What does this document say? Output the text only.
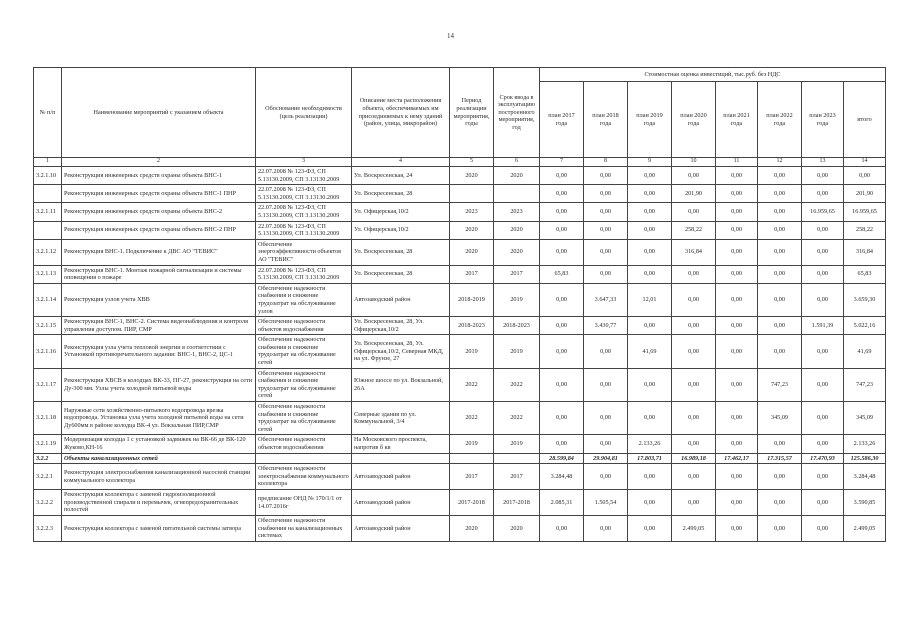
14
№ п/п	Наименование мероприятий с указанием объекта	Обоснование необходимости (цель реализации)	Описание места расположения объекта, обеспечиваемых им присоединяемых к нему зданий (район, улица, микрорайон)	Период реализации мероприятия, годы	Срок ввода в эксплуатацию построенного мероприятия, год	Стоимостная оценка инвестиций, тыс.руб. без НДС							
						план 2017 года	план 2018 года	план 2019 года	план 2020 года	план 2021 года	план 2022 года	план 2023 года	итого
1	2	3	4	5	6	7	8	9	10	11	12	13	14
3.2.1.10	Реконструкция инженерных средств охраны объекта ВНС-1	22.07.2008 № 123-ФЗ, СП 5.13130.2009, СП 3.13130.2009	Ул. Воскресенская, 24	2020	2020	0,00	0,00	0,00	0,00	0,00	0,00	0,00	0,00
	Реконструкция инженерных средств охраны объекта ВНС-1 ПНР	22.07.2008 № 123-ФЗ, СП 5.13130.2009, СП 3.13130.2009	Ул. Воскресенская, 28			0,00	0,00	0,00	201,90	0,00	0,00	0,00	201,90
3.2.1.11	Реконструкция инженерных средств охраны объекта ВНС-2	22.07.2008 № 123-ФЗ, СП 5.13130.2009, СП 3.13130.2009	Ул. Офицерская,10/2	2023	2023	0,00	0,00	0,00	0,00	0,00	0,00	16.959,65	16.959,65
	Реконструкция инженерных средств охраны объекта ВНС-2 ПНР	22.07.2008 № 123-ФЗ, СП 5.13130.2009, СП 3.13130.2009	Ул. Офицерская,10/2	2020	2020	0,00	0,00	0,00	258,22	0,00	0,00	0,00	258,22
3.2.1.12	Реконструкция ВНС-1. Подключение к ДВС АО "ТЕВИС"	Обеспечение энергоэффективности объектов АО "ТЕВИС"	Ул. Воскресенская, 28	2020	2020	0,00	0,00	0,00	316,84	0,00	0,00	0,00	316,84
3.2.1.13	Реконструкция ВНС-1. Монтаж пожарной сигнализации и системы оповещения о пожаре	22.07.2008 № 123-ФЗ, СП 5.13130.2009, СП 3.13130.2009	Ул. Воскресенская, 28	2017	2017	65,83	0,00	0,00	0,00	0,00	0,00	0,00	65,83
3.2.1.14	Реконструкция узлов учета ХВВ	Обеспечение надежности снабжения и снижение трудозатрат на обслуживание узлов	Автозаводский район	2018-2019	2019	0,00	3.647,33	12,01	0,00	0,00	0,00	0,00	3.659,30
3.2.1.15	Реконструкция ВНС-1, ВНС-2. Система видеонаблюдения и контроля управления доступом. ПИР, СМР	Обеспечение надежности объектов водоснабжения	Ул. Воскресенская, 28, Ул. Офицерская,10/2	2018-2023	2018-2023	0,00	3.430,77	0,00	0,00	0,00	0,00	1.591,39	5.022,16
3.2.1.16	Реконструкция узла учета тепловой энергии в соответствии с Установкой противоречательного задания: ВНС-1, ВНС-2, ЦС-1	Обеспечение надежности снабжения и снижение трудозатрат на обслуживание сетей	Ул. Воскресенская, 28, Ул. Офицерская,10/2, Северная МКД, на ул. Фрунзе, 27	2019	2019	0,00	0,00	41,69	0,00	0,00	0,00	0,00	41,69
3.2.1.17	Реконструкция ХВСВ в колодцах ВК-33, ПГ-27, реконструкция на сети Ду-300 мм. Узлы учета холодной питьевой воды	Обеспечение надежности снабжения и снижение трудозатрат на обслуживание сетей	Южное шоссе по ул. Вокзальной, 26А	2022	2022	0,00	0,00	0,00	0,00	0,00	747,23	0,00	747,23
3.2.1.18	Наружные сети хозяйственно-питьевого водопровода врезка водопровода. Установка узла учета холодной питьевой воды на сети Ду600мм в районе колодца ВК-4 ул. Вокзальная ПИР,СМР	Обеспечение надежности снабжения и снижение трудозатрат на обслуживание сетей	Северные здания по ул. Коммунальной, 3/4	2022	2022	0,00	0,00	0,00	0,00	0,00	345,09	0,00	345,09
3.2.1.19	Модернизация колодца 1 с установкой задвижек на ВК-66 де ВК-120 Жуково,КН-16	Обеспечение надежности объектов водоснабжения	На Московского проспекта, напротив б кв	2019	2019	0,00	0,00	2.133,26	0,00	0,00	0,00	0,00	2.133,26
3.2.2	Объекты канализационных сетей					28.599,84	29.904,81	17.803,71	16.989,18	17.462,17	17.315,57	17.470,93	125.586,30
3.2.2.1	Реконструкция электроснабжения канализационной насосной станции коммунального коллектора	Обеспечение надежности электроснабжения коммунального коллектора	Автозаводский район	2017	2017	3.284,48	0,00	0,00	0,00	0,00	0,00	0,00	3.284,48
3.2.2.2	Реконструкция коллектора с заменой гидроизоляционной производственной спирали и перемычек, огнепредохранительных полостей	предписание ОНД № 170/1/1 от 14.07.2016г	Автозаводский район	2017-2018	2017-2018	2.085,31	1.505,54	0,00	0,00	0,00	0,00	0,00	3.590,85
3.2.2.3	Реконструкция коллектора с заменой питательной системы затвора	Обеспечение надежности снабжения на канализационных системах	Автозаводский район	2020	2020	0,00	0,00	0,00	2.499,05	0,00	0,00	0,00	2.499,05
